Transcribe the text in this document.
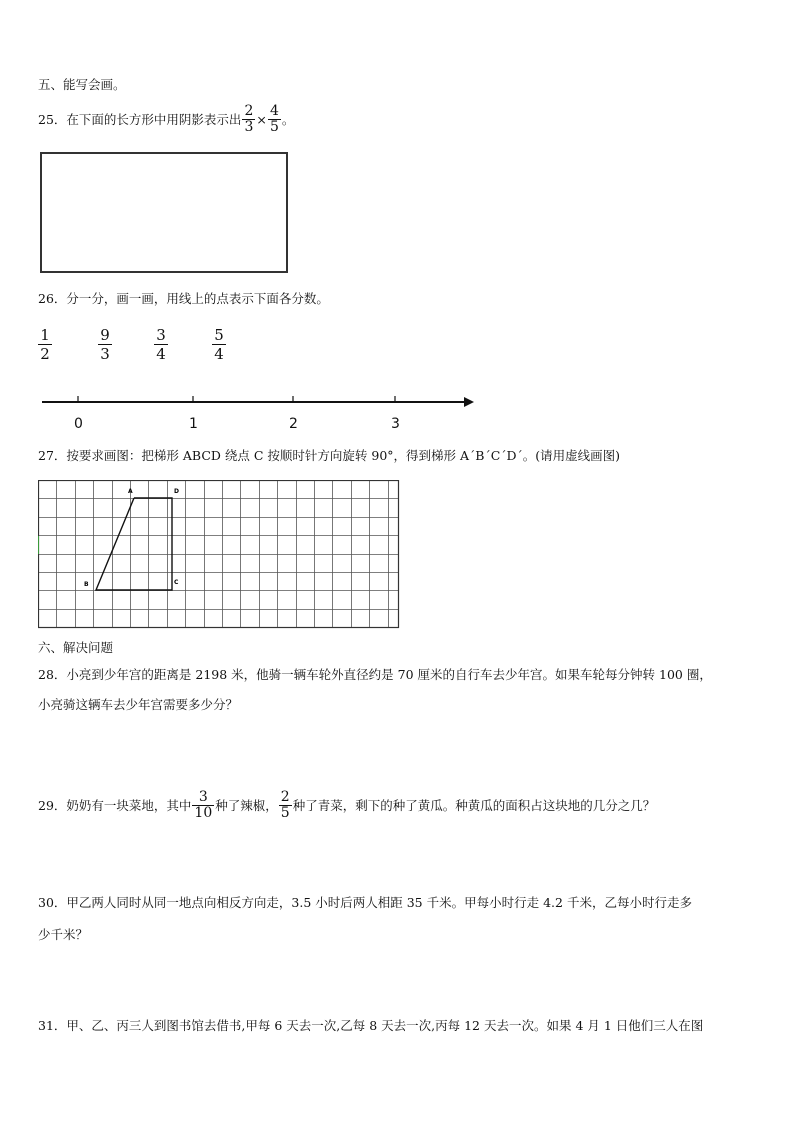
五、能写会画。
25．在下面的长方形中用阴影表示出 $\frac{2}{3} \times \frac{4}{5}$ 。
26．分一分，画一画，用线上的点表示下面各分数。
1
2
9
3
3
4
5
4
0	1	2	3
27．按要求画图：把梯形 ABCD 绕点 C 按顺时针方向旋转 90°，得到梯形 A´B´C´D´。(请用虚线画图)
A	D
B	C
六、解决问题
28．小亮到少年宫的距离是 2198 米，他骑一辆车轮外直径约是 70 厘米的自行车去少年宫。如果车轮每分钟转 100 圈，
小亮骑这辆车去少年宫需要多少分？
29．奶奶有一块菜地，其中 $\frac{3}{10}$ 种了辣椒， $\frac{2}{5}$ 种了青菜，剩下的种了黄瓜。种黄瓜的面积占这块地的几分之几？
30．甲乙两人同时从同一地点向相反方向走，3.5 小时后两人相距 35 千米。甲每小时行走 4.2 千米，乙每小时行走多
少千米？
31．甲、乙、丙三人到图书馆去借书,甲每 6 天去一次,乙每 8 天去一次,丙每 12 天去一次。如果 4 月 1 日他们三人在图
